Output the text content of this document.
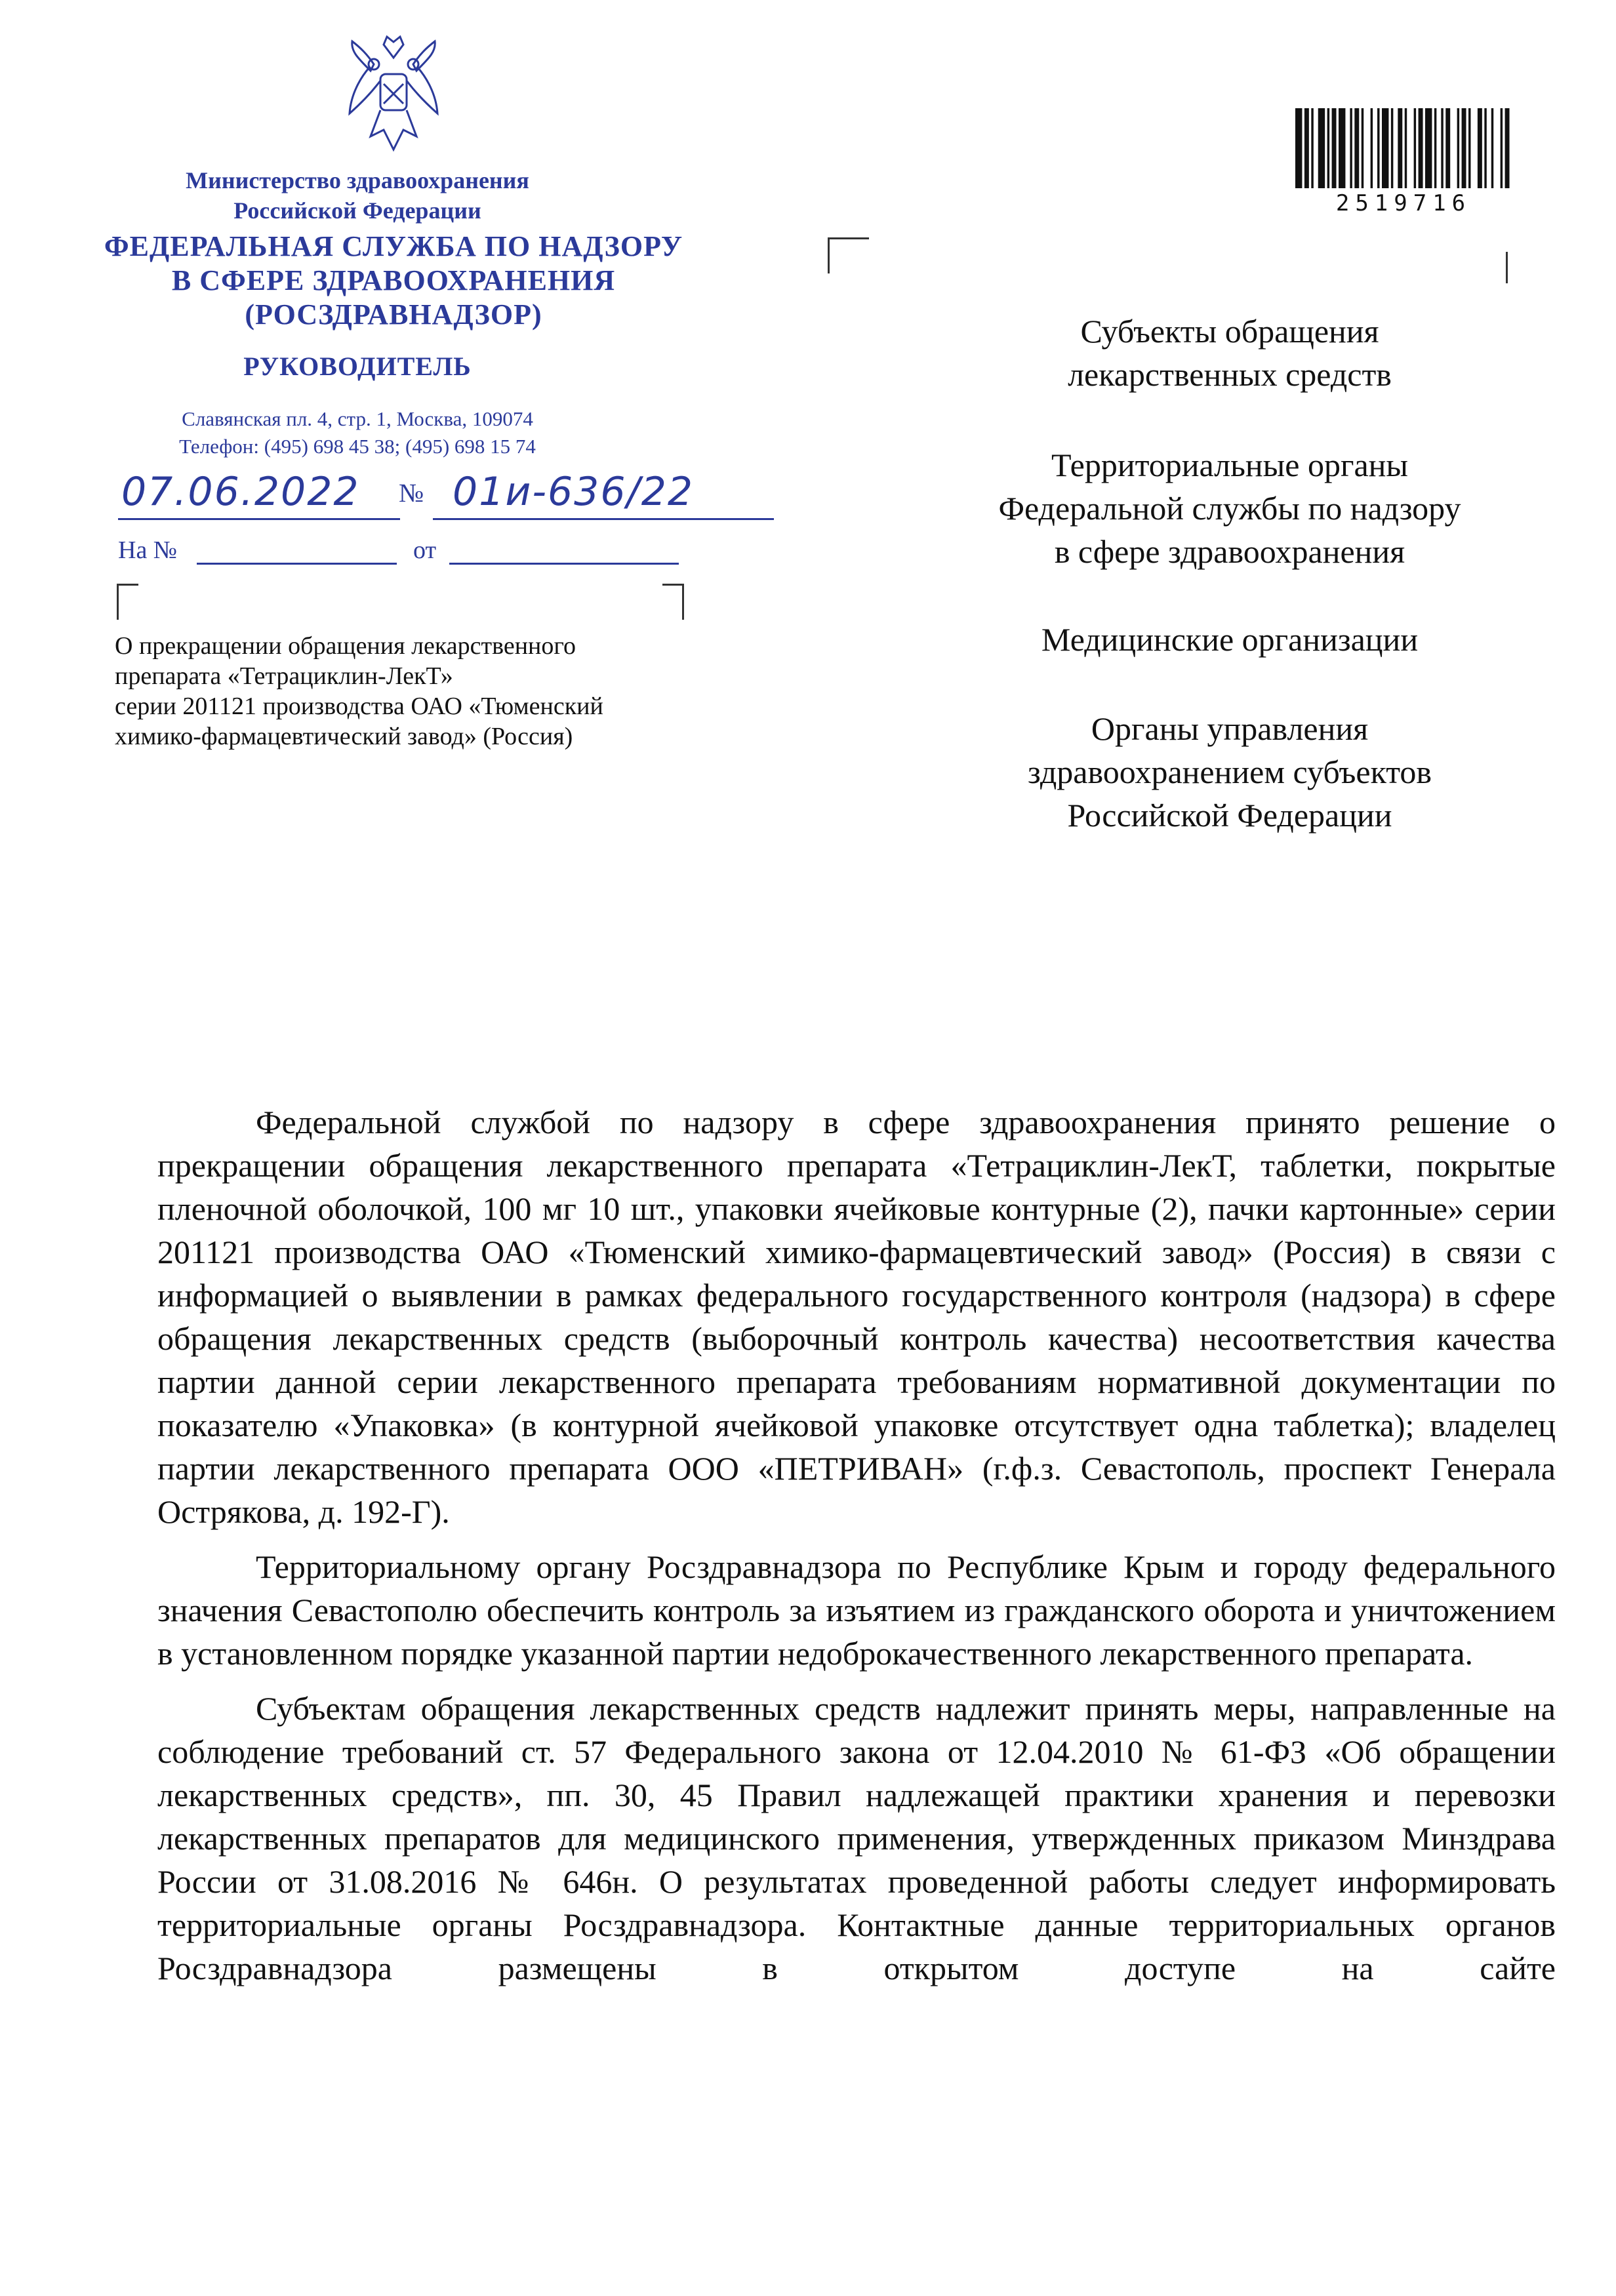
Министерство здравоохранения
Российской Федерации
ФЕДЕРАЛЬНАЯ СЛУЖБА ПО НАДЗОРУ
В СФЕРЕ ЗДРАВООХРАНЕНИЯ
(РОСЗДРАВНАДЗОР)
РУКОВОДИТЕЛЬ
Славянская пл. 4, стр. 1, Москва, 109074
Телефон: (495) 698 45 38; (495) 698 15 74
07.06.2022 № 01и-636/22
На №	от
О прекращении обращения лекарственного
препарата «Тетрациклин-ЛекТ»
серии 201121 производства ОАО «Тюменский
химико-фармацевтический завод» (Россия)
2519716
Субъекты обращения
лекарственных средств
Территориальные органы
Федеральной службы по надзору
в сфере здравоохранения
Медицинские организации
Органы управления
здравоохранением субъектов
Российской Федерации

Федеральной службой по надзору в сфере здравоохранения принято решение о прекращении обращения лекарственного препарата «Тетрациклин-ЛекТ, таблетки, покрытые пленочной оболочкой, 100 мг 10 шт., упаковки ячейковые контурные (2), пачки картонные» серии 201121 производства ОАО «Тюменский химико-фармацевтический завод» (Россия) в связи с информацией о выявлении в рамках федерального государственного контроля (надзора) в сфере обращения лекарственных средств (выборочный контроль качества) несоответствия качества партии данной серии лекарственного препарата требованиям нормативной документации по показателю «Упаковка» (в контурной ячейковой упаковке отсутствует одна таблетка); владелец партии лекарственного препарата ООО «ПЕТРИВАН» (г.ф.з. Севастополь, проспект Генерала Острякова, д. 192-Г).

Территориальному органу Росздравнадзора по Республике Крым и городу федерального значения Севастополю обеспечить контроль за изъятием из гражданского оборота и уничтожением в установленном порядке указанной партии недоброкачественного лекарственного препарата.

Субъектам обращения лекарственных средств надлежит принять меры, направленные на соблюдение требований ст. 57 Федерального закона от 12.04.2010 № 61-ФЗ «Об обращении лекарственных средств», пп. 30, 45 Правил надлежащей практики хранения и перевозки лекарственных препаратов для медицинского применения, утвержденных приказом Минздрава России от 31.08.2016 № 646н. О результатах проведенной работы следует информировать территориальные органы Росздравнадзора. Контактные данные территориальных органов Росздравнадзора размещены в открытом доступе на сайте
